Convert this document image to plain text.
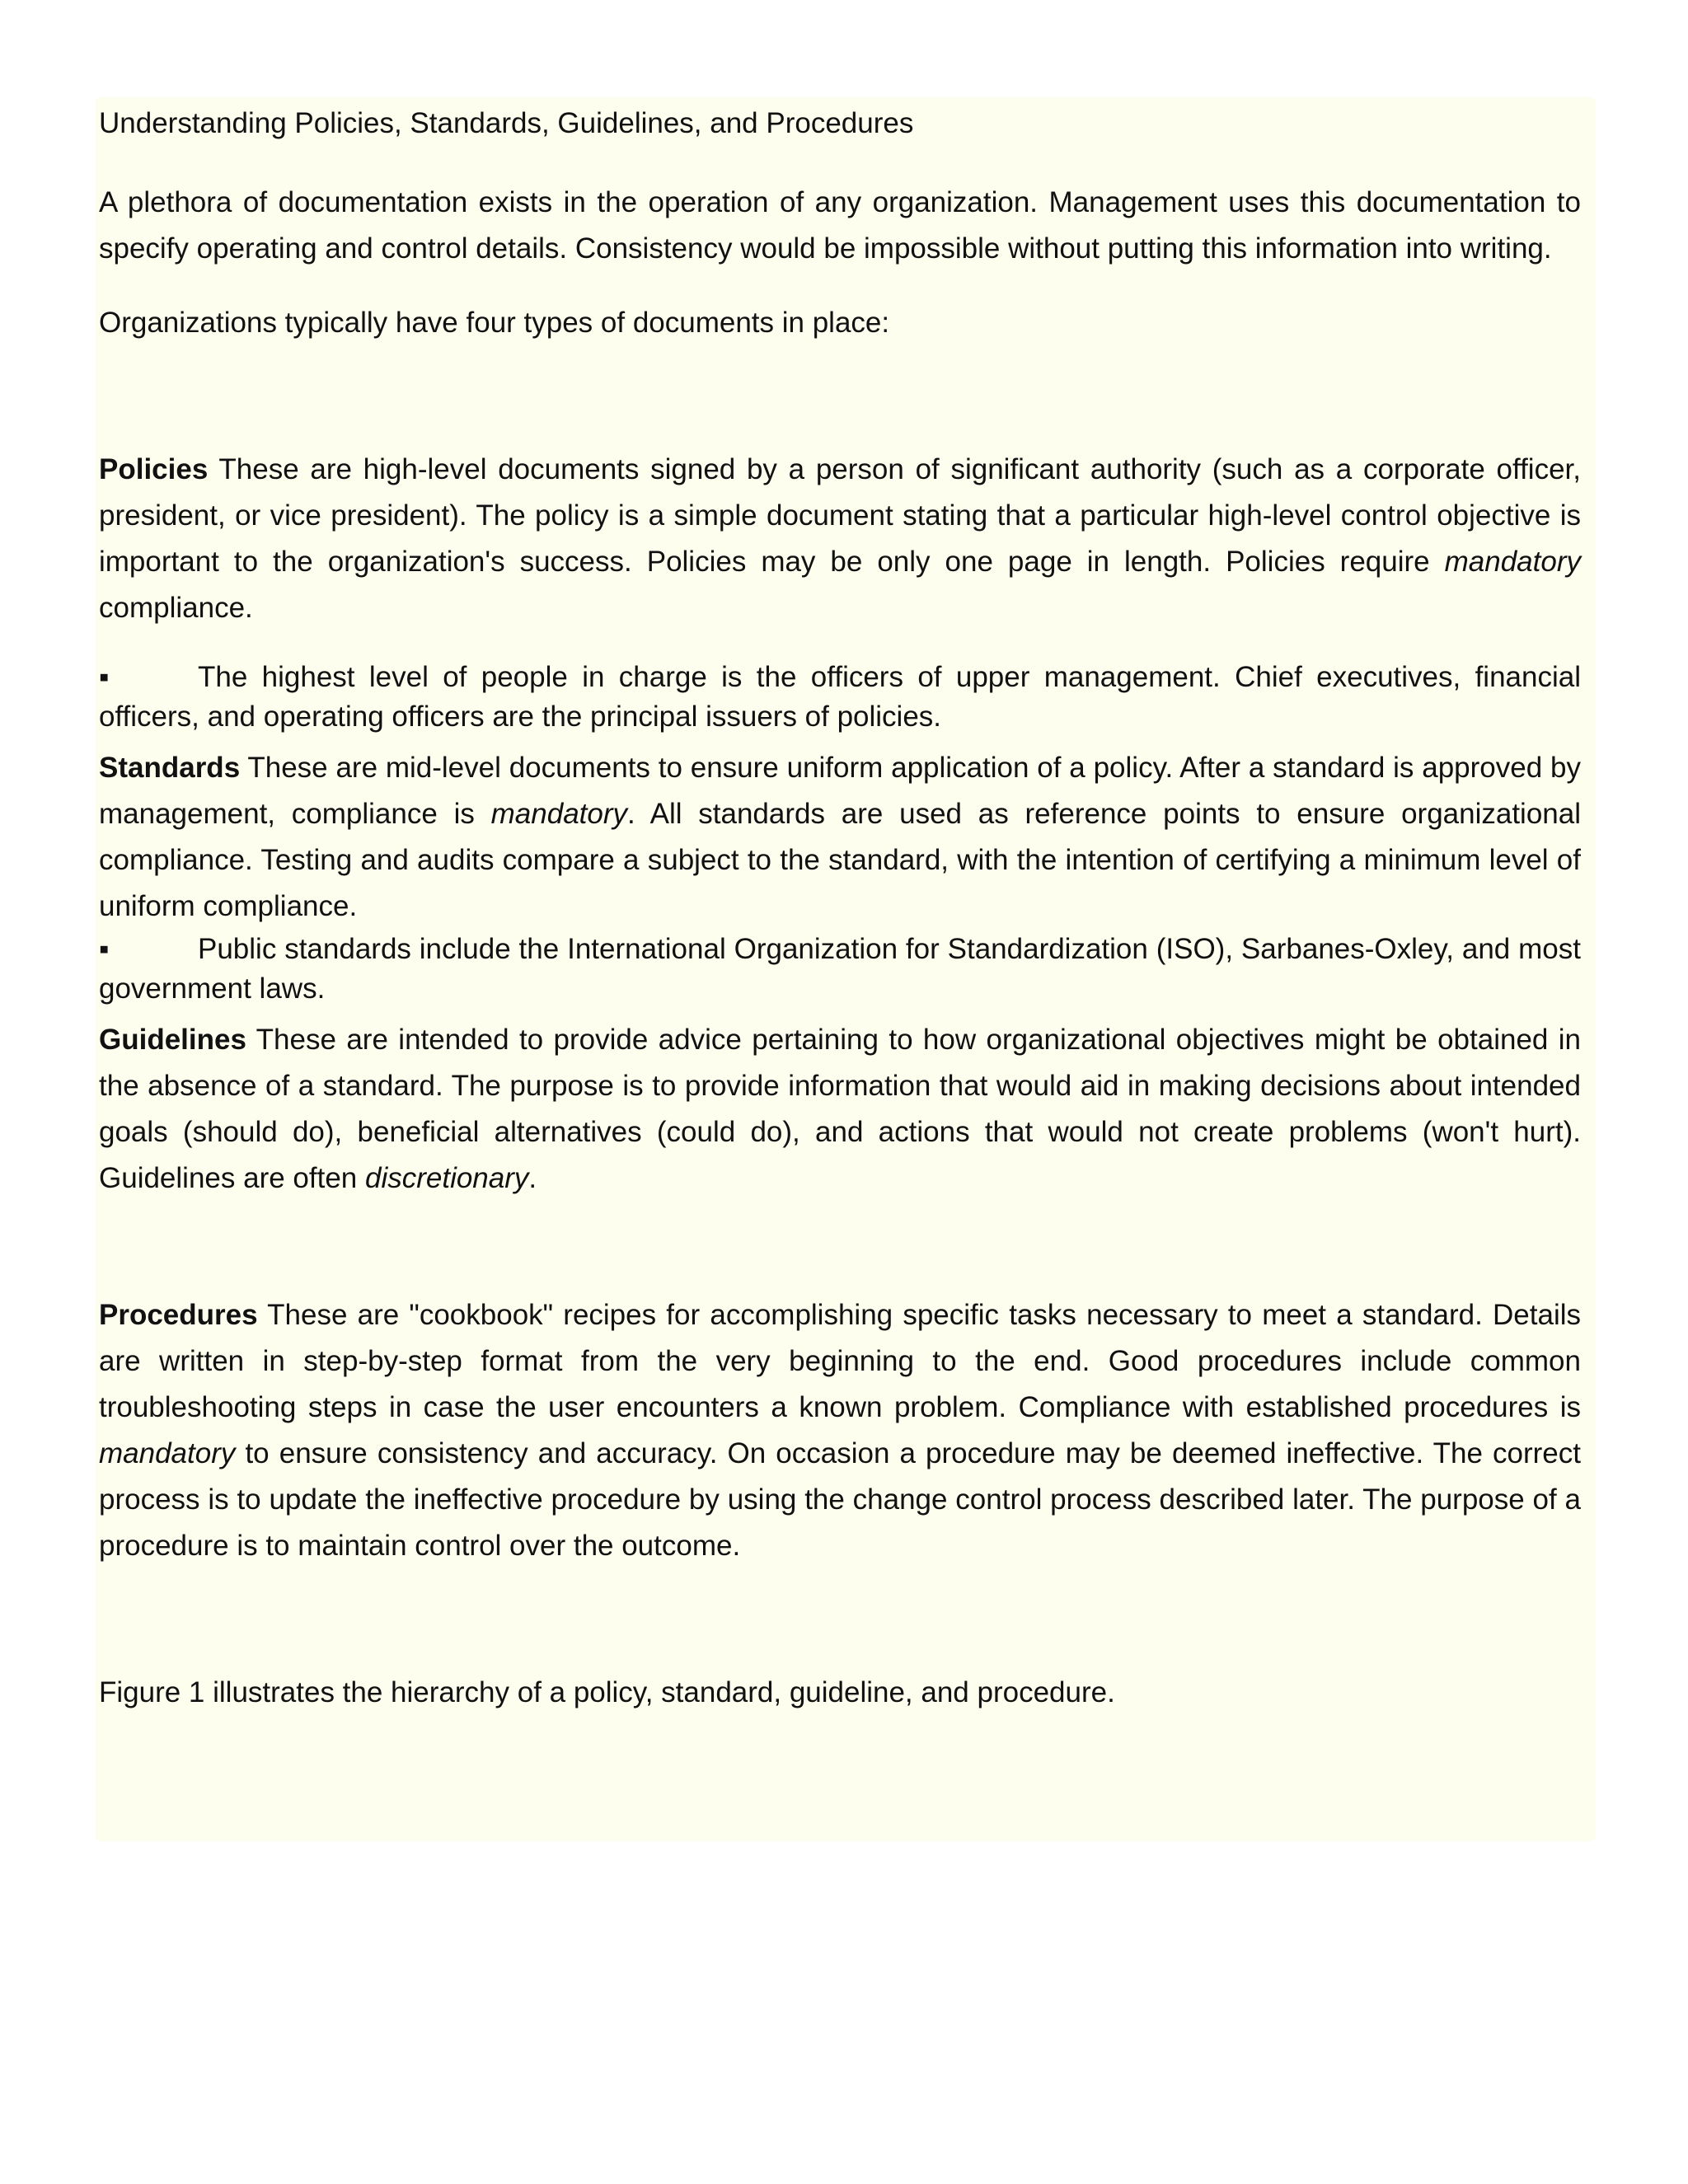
Understanding Policies, Standards, Guidelines, and Procedures

A plethora of documentation exists in the operation of any organization. Management uses this documentation to specify operating and control details. Consistency would be impossible without putting this information into writing.

Organizations typically have four types of documents in place:

Policies These are high-level documents signed by a person of significant authority (such as a corporate officer, president, or vice president). The policy is a simple document stating that a particular high-level control objective is important to the organization's success. Policies may be only one page in length. Policies require mandatory compliance.

▪	The highest level of people in charge is the officers of upper management. Chief executives, financial officers, and operating officers are the principal issuers of policies.

Standards These are mid-level documents to ensure uniform application of a policy. After a standard is approved by management, compliance is mandatory. All standards are used as reference points to ensure organizational compliance. Testing and audits compare a subject to the standard, with the intention of certifying a minimum level of uniform compliance.

▪	Public standards include the International Organization for Standardization (ISO), Sarbanes-Oxley, and most government laws.

Guidelines These are intended to provide advice pertaining to how organizational objectives might be obtained in the absence of a standard. The purpose is to provide information that would aid in making decisions about intended goals (should do), beneficial alternatives (could do), and actions that would not create problems (won't hurt). Guidelines are often discretionary.

Procedures These are "cookbook" recipes for accomplishing specific tasks necessary to meet a standard. Details are written in step-by-step format from the very beginning to the end. Good procedures include common troubleshooting steps in case the user encounters a known problem. Compliance with established procedures is mandatory to ensure consistency and accuracy. On occasion a procedure may be deemed ineffective. The correct process is to update the ineffective procedure by using the change control process described later. The purpose of a procedure is to maintain control over the outcome.

Figure 1 illustrates the hierarchy of a policy, standard, guideline, and procedure.
